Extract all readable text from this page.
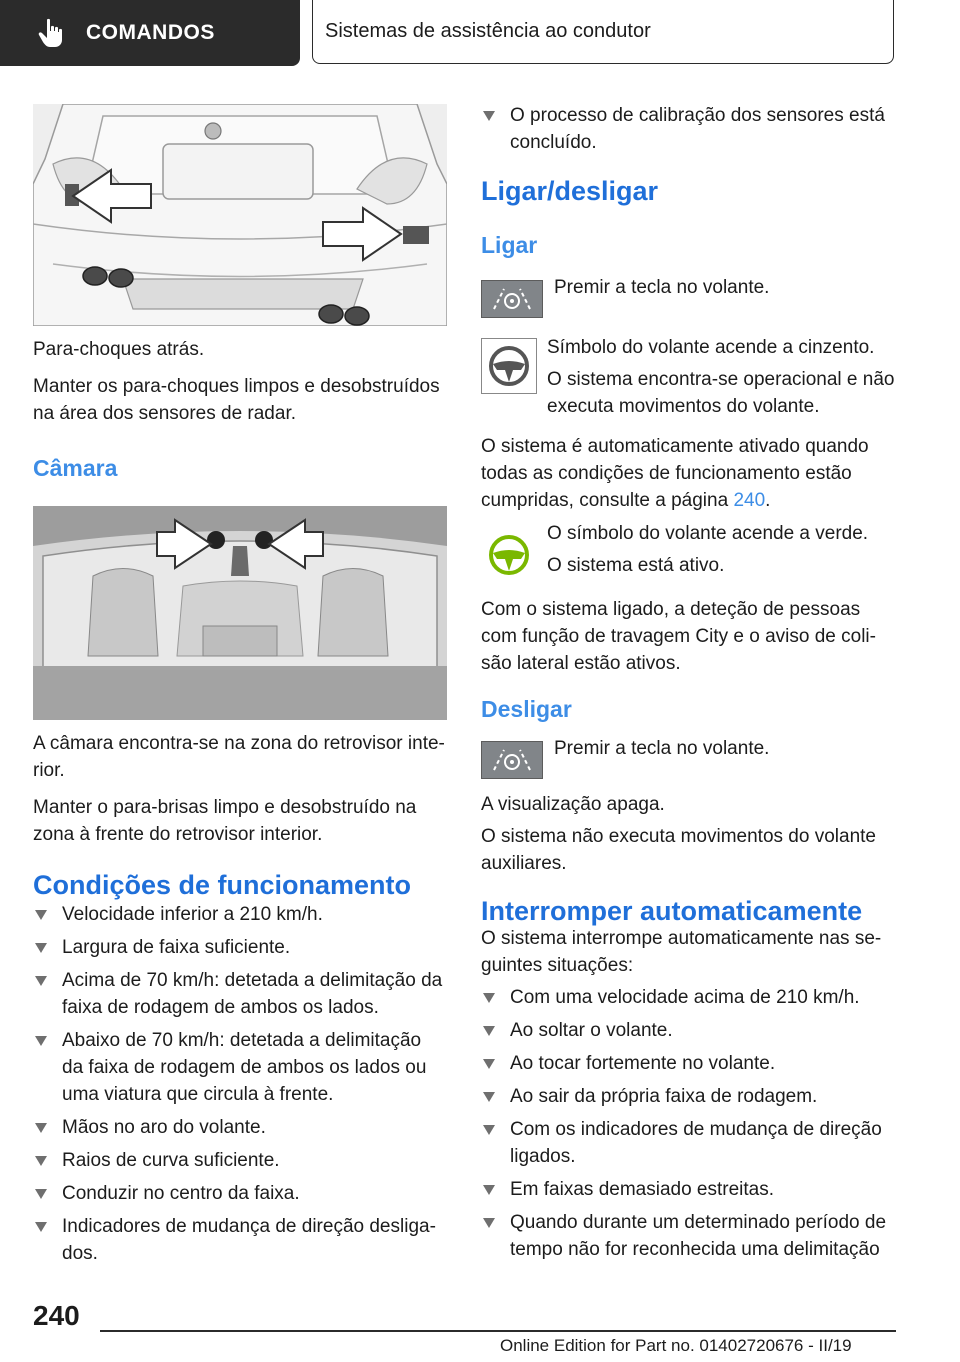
COMANDOS	Sistemas de assistência ao condutor

Para-choques atrás.

Manter os para-choques limpos e desobstruídos na área dos sensores de radar.

Câmara

A câmara encontra-se na zona do retrovisor inte-rior.

Manter o para-brisas limpo e desobstruído na zona à frente do retrovisor interior.

Condições de funcionamento
Velocidade inferior a 210 km/h.
Largura de faixa suficiente.
Acima de 70 km/h: detetada a delimitação da faixa de rodagem de ambos os lados.
Abaixo de 70 km/h: detetada a delimitação da faixa de rodagem de ambos os lados ou uma viatura que circula à frente.
Mãos no aro do volante.
Raios de curva suficiente.
Conduzir no centro da faixa.
Indicadores de mudança de direção desliga-dos.
O processo de calibração dos sensores está concluído.
Ligar/desligar
Ligar

Premir a tecla no volante.

Símbolo do volante acende a cinzento.

O sistema encontra-se operacional e não executa movimentos do volante.

O sistema é automaticamente ativado quando todas as condições de funcionamento estão cumpridas, consulte a página 240.

O símbolo do volante acende a verde.

O sistema está ativo.

Com o sistema ligado, a deteção de pessoas com função de travagem City e o aviso de coli-são lateral estão ativos.

Desligar

Premir a tecla no volante.

A visualização apaga.

O sistema não executa movimentos do volante auxiliares.

Interromper automaticamente

O sistema interrompe automaticamente nas se-guintes situações:

Com uma velocidade acima de 210 km/h.
Ao soltar o volante.
Ao tocar fortemente no volante.
Ao sair da própria faixa de rodagem.
Com os indicadores de mudança de direção ligados.
Em faixas demasiado estreitas.
Quando durante um determinado período de tempo não for reconhecida uma delimitação
240
Online Edition for Part no. 01402720676 - II/19
